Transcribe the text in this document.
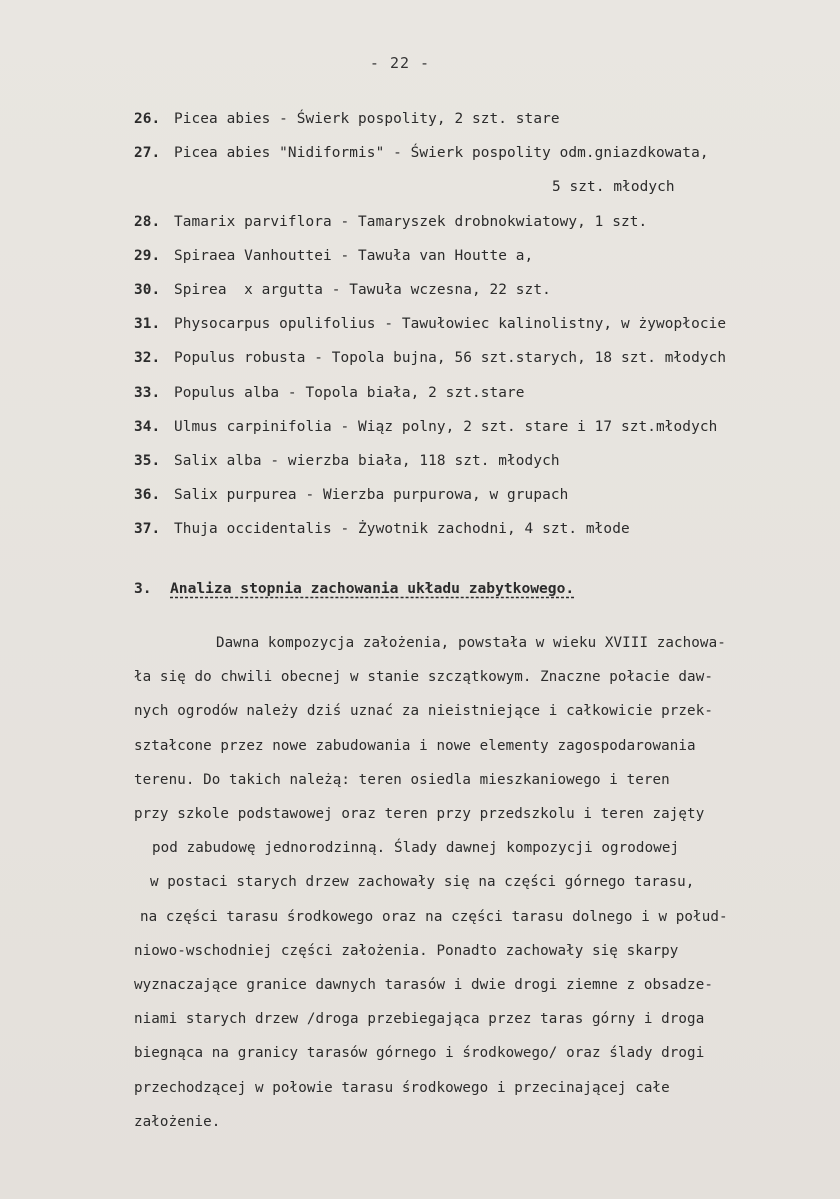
- 22 -
26. Picea abies - Świerk pospolity, 2 szt. stare
27. Picea abies "Nidiformis" - Świerk pospolity odm.gniazdkowata,
5 szt. młodych
28. Tamarix parviflora - Tamaryszek drobnokwiatowy, 1 szt.
29. Spiraea Vanhouttei - Tawuła van Houtte a,
30. Spirea  x argutta - Tawuła wczesna, 22 szt.
31. Physocarpus opulifolius - Tawułowiec kalinolistny, w żywopłocie
32. Populus robusta - Topola bujna, 56 szt.starych, 18 szt. młodych
33. Populus alba - Topola biała, 2 szt.stare
34. Ulmus carpinifolia - Wiąz polny, 2 szt. stare i 17 szt.młodych
35. Salix alba - wierzba biała, 118 szt. młodych
36. Salix purpurea - Wierzba purpurowa, w grupach
37. Thuja occidentalis - Żywotnik zachodni, 4 szt. młode
3.	Analiza stopnia zachowania układu zabytkowego.
Dawna kompozycja założenia, powstała w wieku XVIII zachowa-
ła się do chwili obecnej w stanie szczątkowym. Znaczne połacie daw-
nych ogrodów należy dziś uznać za nieistniejące i całkowicie przek-
ształcone przez nowe zabudowania i nowe elementy zagospodarowania
terenu. Do takich należą: teren osiedla mieszkaniowego i teren
przy szkole podstawowej oraz teren przy przedszkolu i teren zajęty
pod zabudowę jednorodzinną. Ślady dawnej kompozycji ogrodowej
w postaci starych drzew zachowały się na części górnego tarasu,
na części tarasu środkowego oraz na części tarasu dolnego i w połud-
niowo-wschodniej części założenia. Ponadto zachowały się skarpy
wyznaczające granice dawnych tarasów i dwie drogi ziemne z obsadze-
niami starych drzew /droga przebiegająca przez taras górny i droga
biegnąca na granicy tarasów górnego i środkowego/ oraz ślady drogi
przechodzącej w połowie tarasu środkowego i przecinającej całe
założenie.
